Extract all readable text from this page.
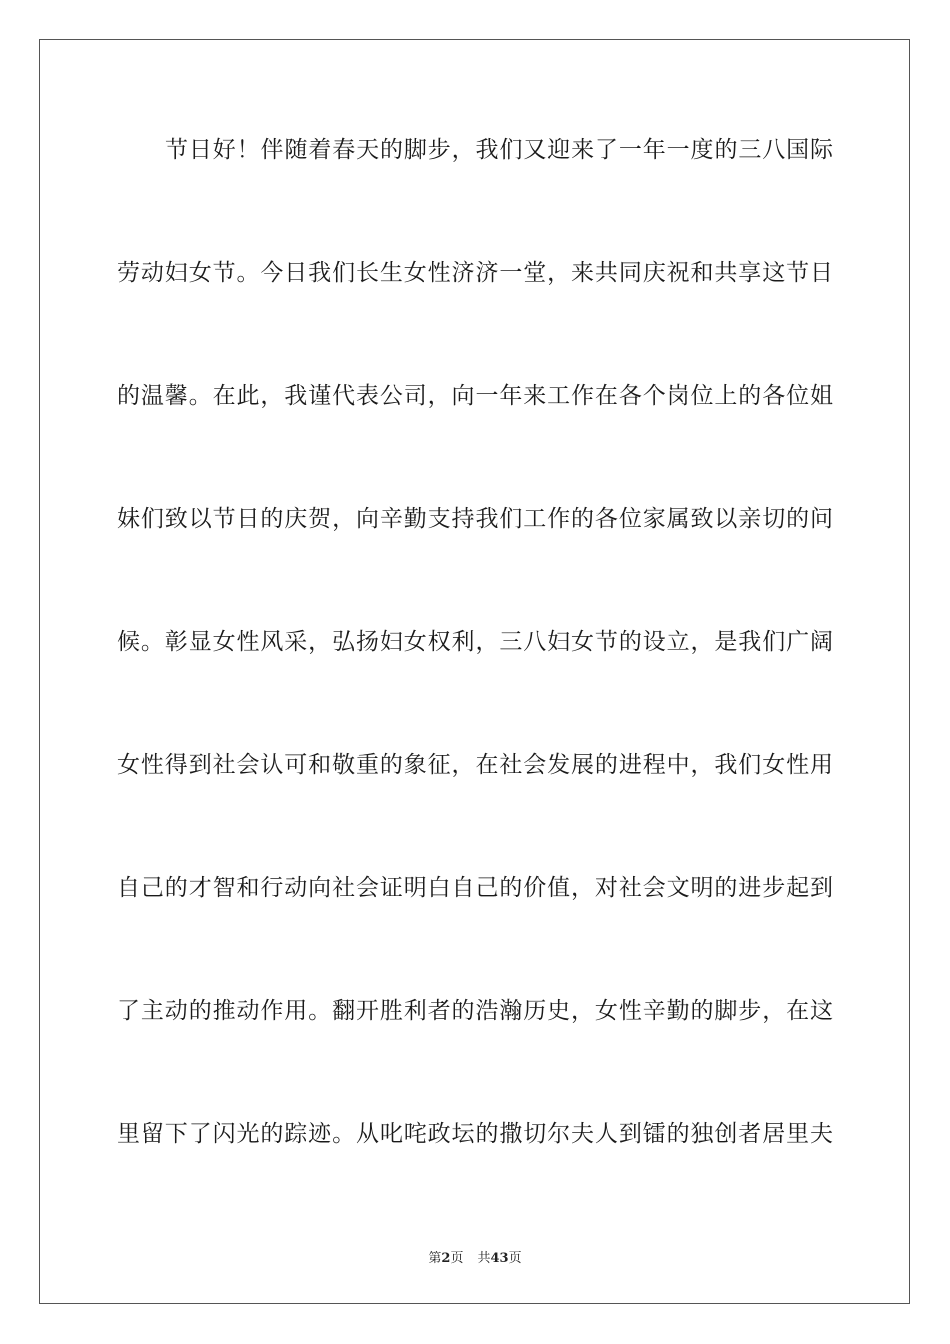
节日好！伴随着春天的脚步，我们又迎来了一年一度的三八国际
劳动妇女节。今日我们长生女性济济一堂，来共同庆祝和共享这节日
的温馨。在此，我谨代表公司，向一年来工作在各个岗位上的各位姐
妹们致以节日的庆贺，向辛勤支持我们工作的各位家属致以亲切的问
候。彰显女性风采，弘扬妇女权利，三八妇女节的设立，是我们广阔
女性得到社会认可和敬重的象征，在社会发展的进程中，我们女性用
自己的才智和行动向社会证明白自己的价值，对社会文明的进步起到
了主动的推动作用。翻开胜利者的浩瀚历史，女性辛勤的脚步，在这
里留下了闪光的踪迹。从叱咤政坛的撒切尔夫人到镭的独创者居里夫
第2页 共43页
